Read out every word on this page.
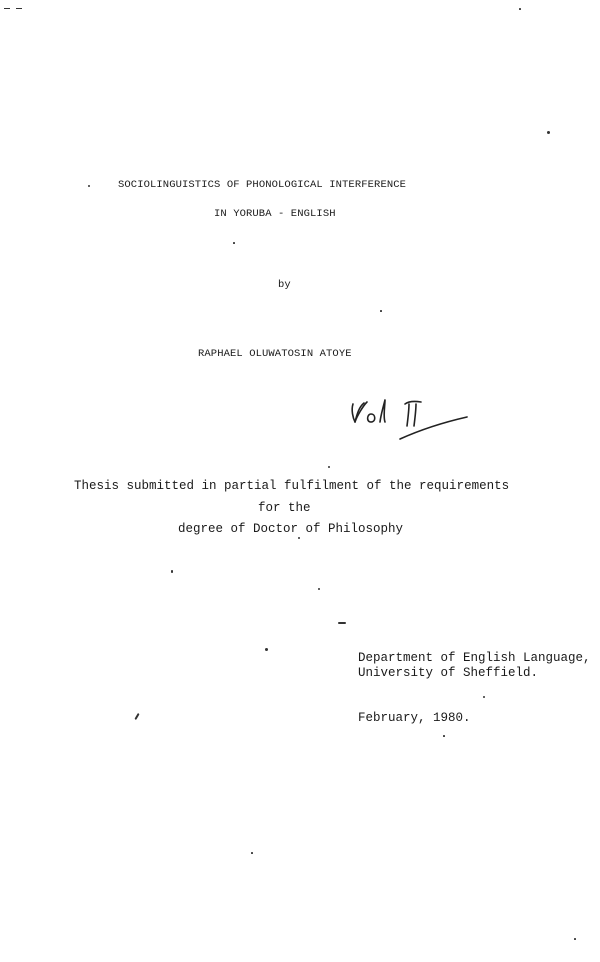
SOCIOLINGUISTICS OF PHONOLOGICAL INTERFERENCE
IN YORUBA - ENGLISH
by
RAPHAEL OLUWATOSIN ATOYE
Thesis submitted in partial fulfilment of the requirements
for the
degree of Doctor of Philosophy
Department of English Language,
University of Sheffield.
February, 1980.
